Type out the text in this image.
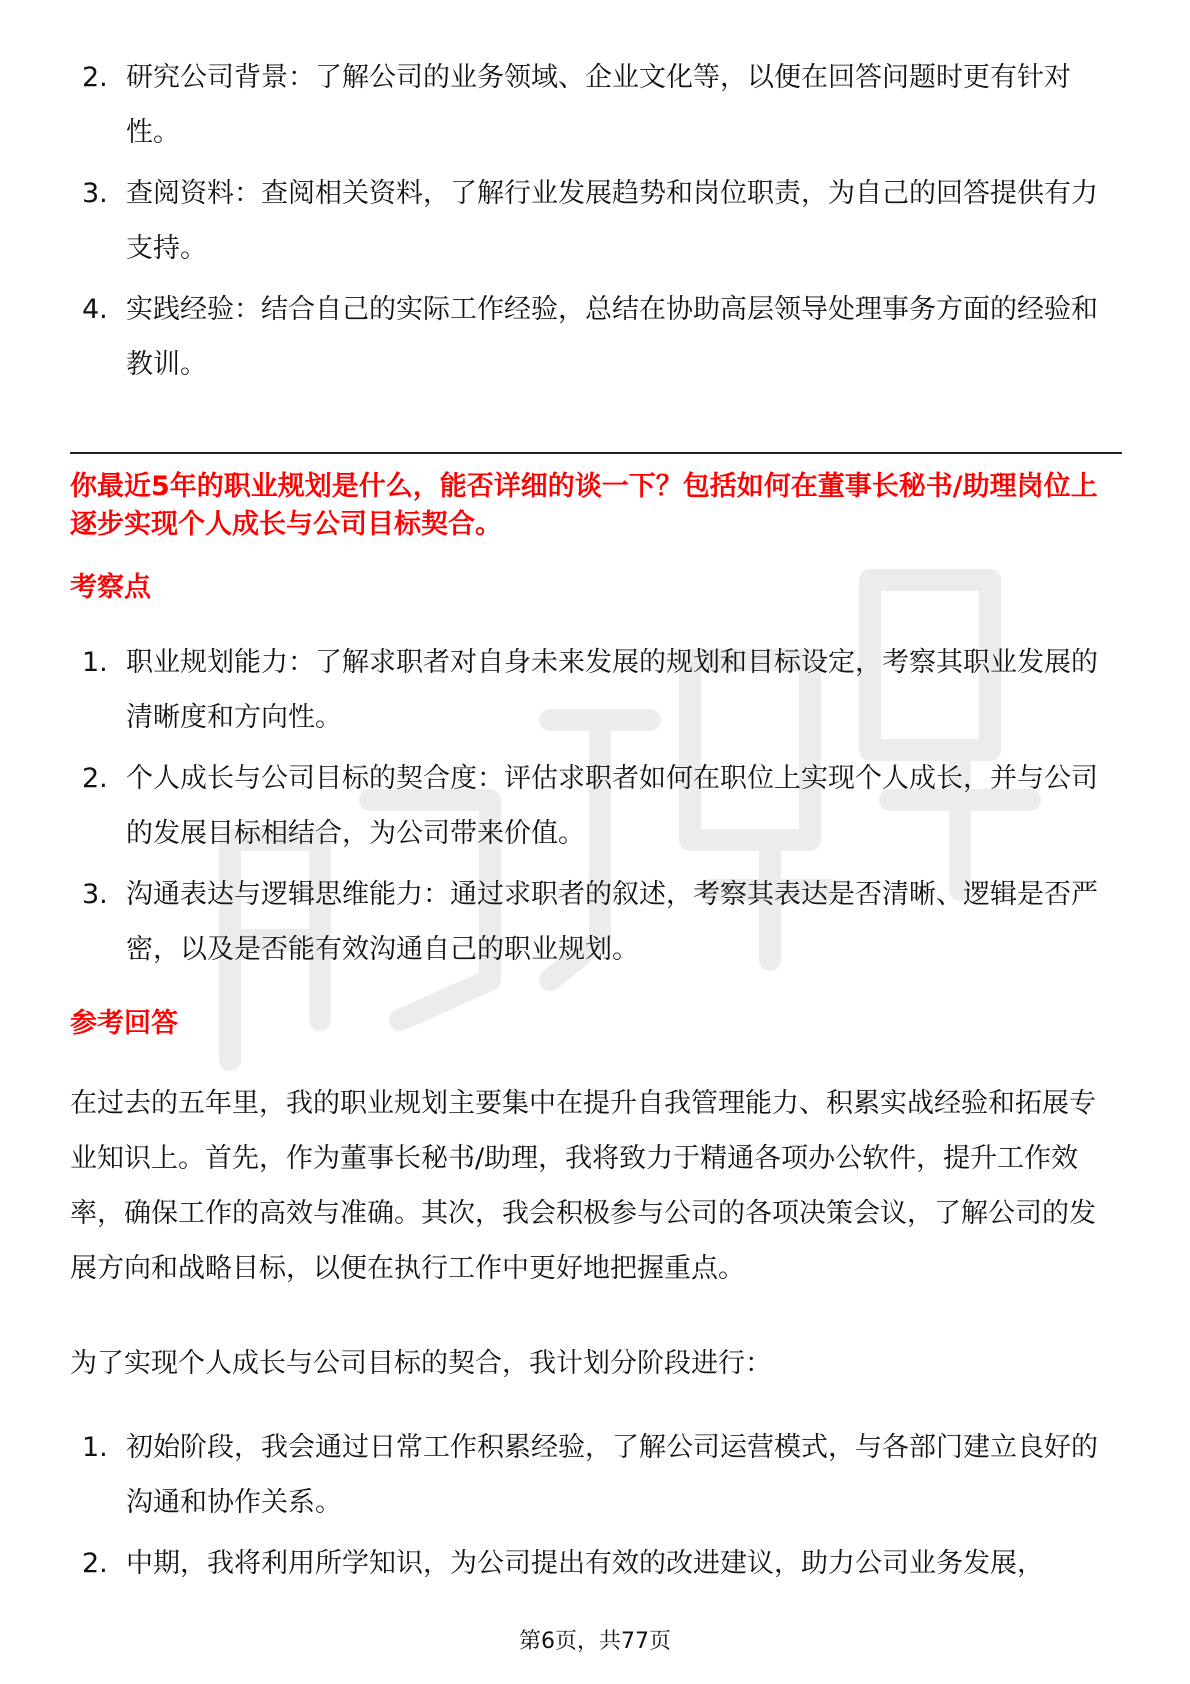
2. 研究公司背景：了解公司的业务领域、企业文化等，以便在回答问题时更有针对性。
3. 查阅资料：查阅相关资料，了解行业发展趋势和岗位职责，为自己的回答提供有力支持。
4. 实践经验：结合自己的实际工作经验，总结在协助高层领导处理事务方面的经验和教训。

你最近5年的职业规划是什么，能否详细的谈一下？包括如何在董事长秘书/助理岗位上逐步实现个人成长与公司目标契合。

考察点
1. 职业规划能力：了解求职者对自身未来发展的规划和目标设定，考察其职业发展的清晰度和方向性。
2. 个人成长与公司目标的契合度：评估求职者如何在职位上实现个人成长，并与公司的发展目标相结合，为公司带来价值。
3. 沟通表达与逻辑思维能力：通过求职者的叙述，考察其表达是否清晰、逻辑是否严密，以及是否能有效沟通自己的职业规划。
参考回答

在过去的五年里，我的职业规划主要集中在提升自我管理能力、积累实战经验和拓展专业知识上。首先，作为董事长秘书/助理，我将致力于精通各项办公软件，提升工作效率，确保工作的高效与准确。其次，我会积极参与公司的各项决策会议，了解公司的发展方向和战略目标，以便在执行工作中更好地把握重点。

为了实现个人成长与公司目标的契合，我计划分阶段进行：

1. 初始阶段，我会通过日常工作积累经验，了解公司运营模式，与各部门建立良好的沟通和协作关系。
2. 中期，我将利用所学知识，为公司提出有效的改进建议，助力公司业务发展，
第6页，共77页
